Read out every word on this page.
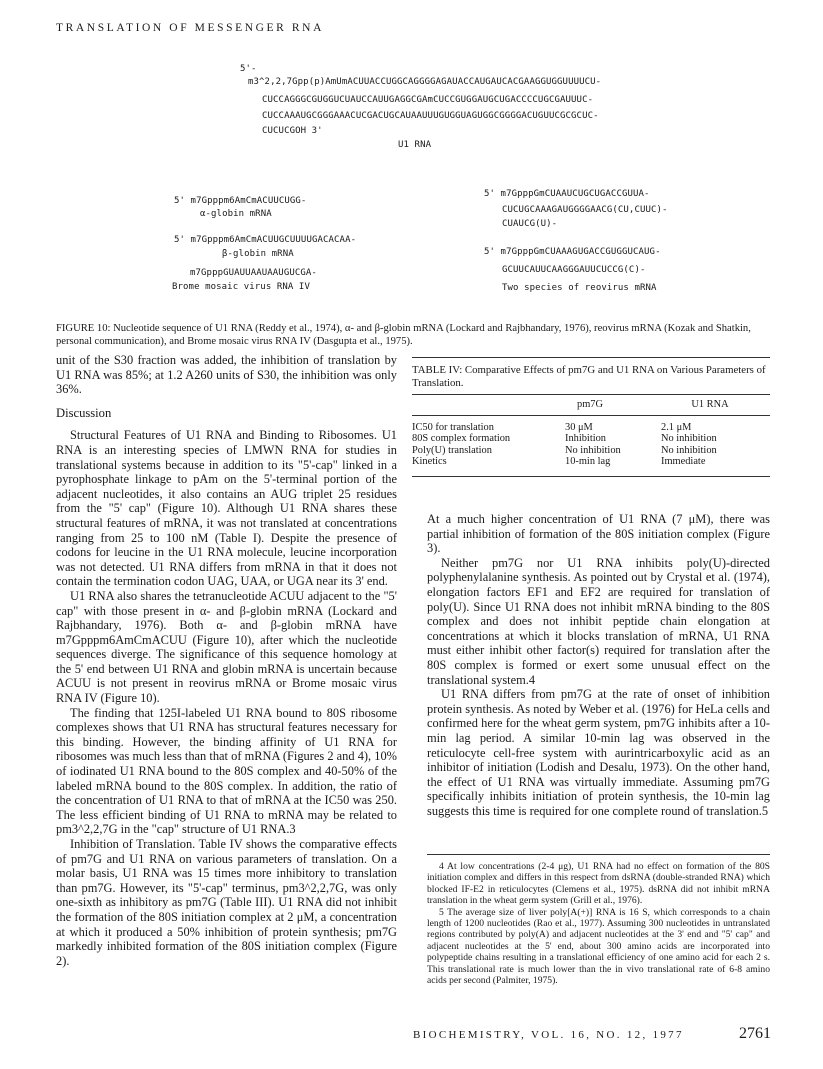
TRANSLATION OF MESSENGER RNA
5'-
m3^2,2,7Gpp(p)AmUmACUUACCUGGCAGGGGAGAUACCAUGAUCACGAAGGUGGUUUUCU-
CUCCAGGGCGUGGUCUAUCCAUUGAGGCGAmCUCCGUGGAUGCUGACCCCUGCGAUUUC-
CUCCAAAUGCGGGAAACUCGACUGCAUAAUUUGUGGUAGUGGCGGGGACUGUUCGCGCUC-
CUCUCGOH 3'
U1 RNA
5' m7Gpppm6AmCmACUUCUGG-
α-globin mRNA
5' m7Gpppm6AmCmACUUGCUUUUGACACAA-
β-globin mRNA
m7GpppGUAUUAAUAAUGUCGA-
Brome mosaic virus RNA IV
5' m7GpppGmCUAAUCUGCUGACCGUUA-
CUCUGCAAAGAUGGGGAACG(CU,CUUC)-
CUAUCG(U)-
5' m7GpppGmCUAAAGUGACCGUGGUCAUG-
GCUUCAUUCAAGGGAUUCUCCG(C)-
Two species of reovirus mRNA
FIGURE 10: Nucleotide sequence of U1 RNA (Reddy et al., 1974), α- and β-globin mRNA (Lockard and Rajbhandary, 1976), reovirus mRNA (Kozak and Shatkin, personal communication), and Brome mosaic virus RNA IV (Dasgupta et al., 1975).

unit of the S30 fraction was added, the inhibition of translation by U1 RNA was 85%; at 1.2 A260 units of S30, the inhibition was only 36%.

Discussion

Structural Features of U1 RNA and Binding to Ribosomes. U1 RNA is an interesting species of LMWN RNA for studies in translational systems because in addition to its "5'-cap" linked in a pyrophosphate linkage to pAm on the 5'-terminal portion of the adjacent nucleotides, it also contains an AUG triplet 25 residues from the "5' cap" (Figure 10). Although U1 RNA shares these structural features of mRNA, it was not translated at concentrations ranging from 25 to 100 nM (Table I). Despite the presence of codons for leucine in the U1 RNA molecule, leucine incorporation was not detected. U1 RNA differs from mRNA in that it does not contain the termination codon UAG, UAA, or UGA near its 3' end.

U1 RNA also shares the tetranucleotide ACUU adjacent to the "5' cap" with those present in α- and β-globin mRNA (Lockard and Rajbhandary, 1976). Both α- and β-globin mRNA have m7Gpppm6AmCmACUU (Figure 10), after which the nucleotide sequences diverge. The significance of this sequence homology at the 5' end between U1 RNA and globin mRNA is uncertain because ACUU is not present in reovirus mRNA or Brome mosaic virus RNA IV (Figure 10).

The finding that 125I-labeled U1 RNA bound to 80S ribosome complexes shows that U1 RNA has structural features necessary for this binding. However, the binding affinity of U1 RNA for ribosomes was much less than that of mRNA (Figures 2 and 4), 10% of iodinated U1 RNA bound to the 80S complex and 40-50% of the labeled mRNA bound to the 80S complex. In addition, the ratio of the concentration of U1 RNA to that of mRNA at the IC50 was 250. The less efficient binding of U1 RNA to mRNA may be related to pm3^2,2,7G in the "cap" structure of U1 RNA.3

Inhibition of Translation. Table IV shows the comparative effects of pm7G and U1 RNA on various parameters of translation. On a molar basis, U1 RNA was 15 times more inhibitory to translation than pm7G. However, its "5'-cap" terminus, pm3^2,2,7G, was only one-sixth as inhibitory as pm7G (Table III). U1 RNA did not inhibit the formation of the 80S initiation complex at 2 μM, a concentration at which it produced a 50% inhibition of protein synthesis; pm7G markedly inhibited formation of the 80S initiation complex (Figure 2).

TABLE IV: Comparative Effects of pm7G and U1 RNA on Various Parameters of Translation.
	pm7G	U1 RNA
IC50 for translation	30 μM	2.1 μM
80S complex formation	Inhibition	No inhibition
Poly(U) translation	No inhibition	No inhibition
Kinetics	10-min lag	Immediate

At a much higher concentration of U1 RNA (7 μM), there was partial inhibition of formation of the 80S initiation complex (Figure 3).

Neither pm7G nor U1 RNA inhibits poly(U)-directed polyphenylalanine synthesis. As pointed out by Crystal et al. (1974), elongation factors EF1 and EF2 are required for translation of poly(U). Since U1 RNA does not inhibit mRNA binding to the 80S complex and does not inhibit peptide chain elongation at concentrations at which it blocks translation of mRNA, U1 RNA must either inhibit other factor(s) required for translation after the 80S complex is formed or exert some unusual effect on the translational system.4

U1 RNA differs from pm7G at the rate of onset of inhibition protein synthesis. As noted by Weber et al. (1976) for HeLa cells and confirmed here for the wheat germ system, pm7G inhibits after a 10-min lag period. A similar 10-min lag was observed in the reticulocyte cell-free system with aurintricarboxylic acid as an inhibitor of initiation (Lodish and Desalu, 1973). On the other hand, the effect of U1 RNA was virtually immediate. Assuming pm7G specifically inhibits initiation of protein synthesis, the 10-min lag suggests this time is required for one complete round of translation.5

4 At low concentrations (2-4 μg), U1 RNA had no effect on formation of the 80S initiation complex and differs in this respect from dsRNA (double-stranded RNA) which blocked IF-E2 in reticulocytes (Clemens et al., 1975). dsRNA did not inhibit mRNA translation in the wheat germ system (Grill et al., 1976).

5 The average size of liver poly[A(+)] RNA is 16 S, which corresponds to a chain length of 1200 nucleotides (Rao et al., 1977). Assuming 300 nucleotides in untranslated regions contributed by poly(A) and adjacent nucleotides at the 3' end and "5' cap" and adjacent nucleotides at the 5' end, about 300 amino acids are incorporated into polypeptide chains resulting in a translational efficiency of one amino acid for each 2 s. This translational rate is much lower than the in vivo translational rate of 6-8 amino acids per second (Palmiter, 1975).

BIOCHEMISTRY, VOL. 16, NO. 12, 1977	2761
